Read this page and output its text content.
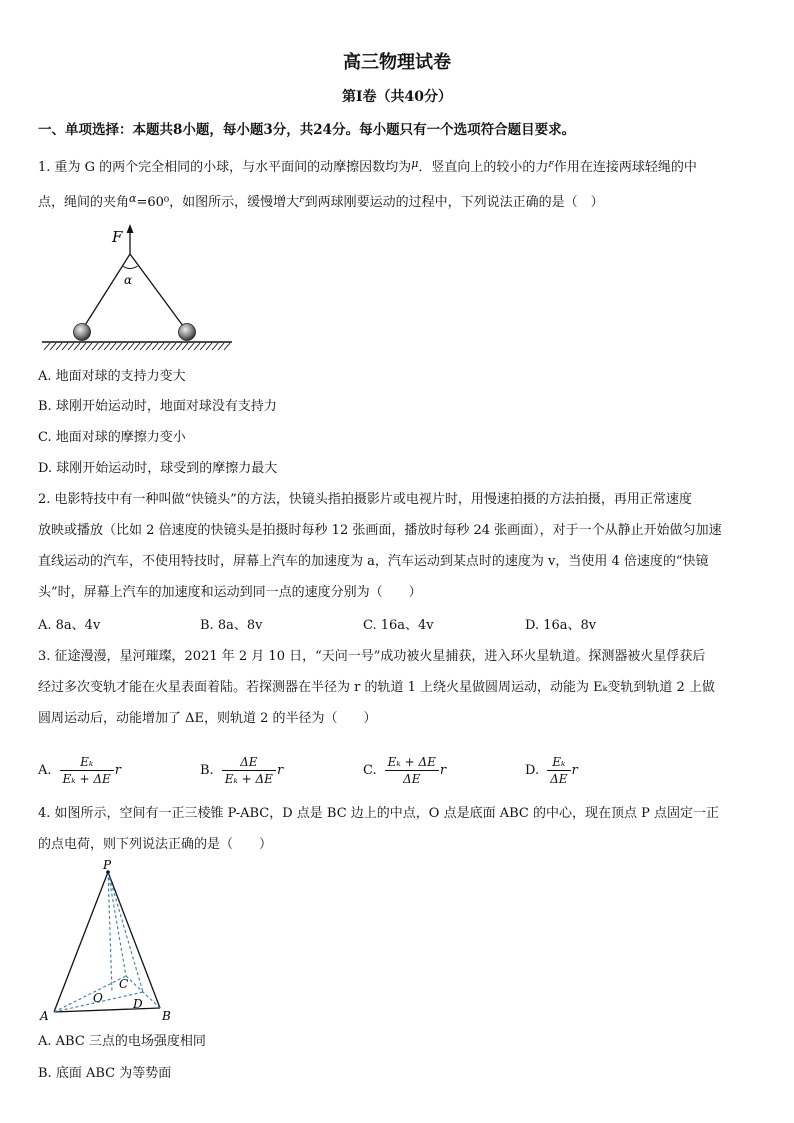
高三物理试卷
第Ⅰ卷（共40分）
一、单项选择：本题共8小题，每小题3分，共24分。每小题只有一个选项符合题目要求。
1. 重为 G 的两个完全相同的小球，与水平面间的动摩擦因数均为$^\mu$．竖直向上的较小的力$^F$作用在连接两球轻绳的中
点，绳间的夹角$^\alpha$=60⁰，如图所示，缓慢增大$^F$到两球刚要运动的过程中，下列说法正确的是（　）
F
α
A. 地面对球的支持力变大
B. 球刚开始运动时，地面对球没有支持力
C. 地面对球的摩擦力变小
D. 球刚开始运动时，球受到的摩擦力最大
2. 电影特技中有一种叫做“快镜头”的方法，快镜头指拍摄影片或电视片时，用慢速拍摄的方法拍摄，再用正常速度
放映或播放（比如 2 倍速度的快镜头是拍摄时每秒 12 张画面，播放时每秒 24 张画面），对于一个从静止开始做匀加速
直线运动的汽车，不使用特技时，屏幕上汽车的加速度为 a，汽车运动到某点时的速度为 v，当使用 4 倍速度的“快镜
头”时，屏幕上汽车的加速度和运动到同一点的速度分别为（　　）
A. 8a、4v	B. 8a、8v	C. 16a、4v	D. 16a、8v
3. 征途漫漫，星河璀璨，2021 年 2 月 10 日，“天问一号”成功被火星捕获，进入环火星轨道。探测器被火星俘获后
经过多次变轨才能在火星表面着陆。若探测器在半径为 r 的轨道 1 上绕火星做圆周运动，动能为 Eₖ变轨到轨道 2 上做
圆周运动后，动能增加了 ΔE，则轨道 2 的半径为（　　）
A. $\frac{\text{Eₖ}}{\text{Eₖ + ΔE}}$ r	B. $\frac{\Delta E}{\text{Eₖ + ΔE}}$ r	C. $\frac{\text{Eₖ + ΔE}}{\Delta E}$ r	D. $\frac{\text{Eₖ}}{\Delta E}$ r
4. 如图所示，空间有一正三棱锥 P-ABC，D 点是 BC 边上的中点，O 点是底面 ABC 的中心，现在顶点 P 点固定一正
的点电荷，则下列说法正确的是（　　）
P
A	B
C
D
O
A. ABC 三点的电场强度相同
B. 底面 ABC 为等势面
